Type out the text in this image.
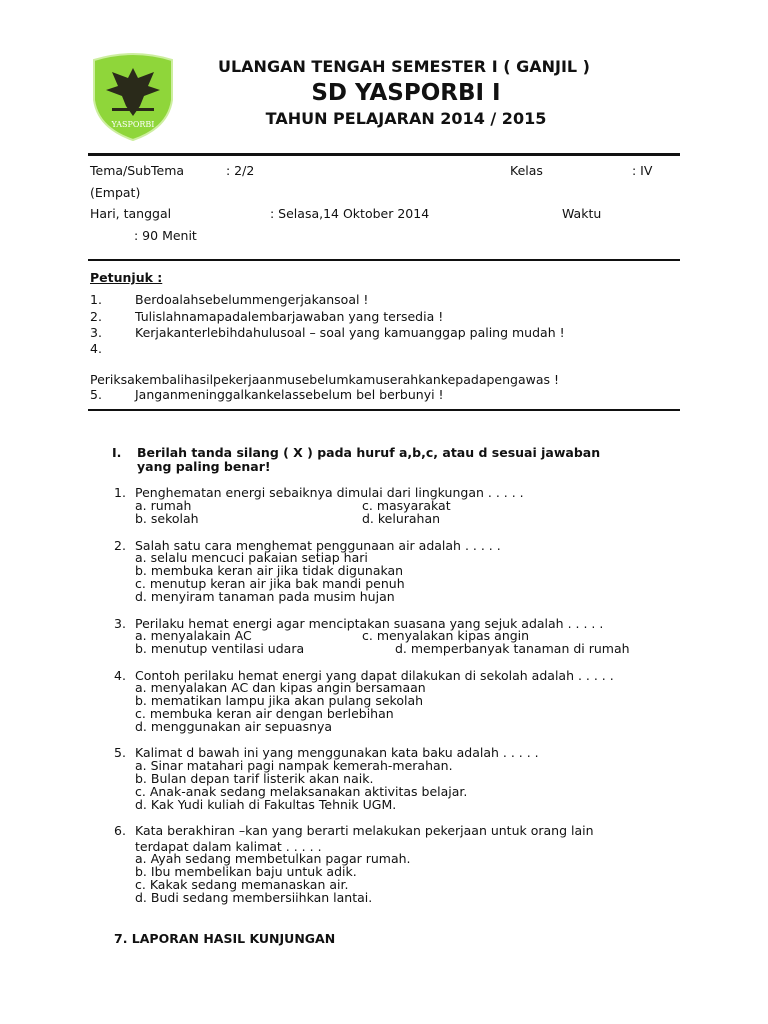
YASPORBI
ULANGAN TENGAH SEMESTER I ( GANJIL )
SD YASPORBI I
TAHUN PELAJARAN 2014 / 2015
Tema/SubTema	: 2/2	Kelas	: IV
(Empat)
Hari, tanggal	: Selasa,14 Oktober 2014	Waktu
: 90 Menit
Petunjuk :
1.	Berdoalahsebelummengerjakansoal !
2.	Tulislahnamapadalembarjawaban yang tersedia !
3.	Kerjakanterlebihdahulusoal – soal yang kamuanggap paling mudah !
4.
Periksakembalihasilpekerjaanmusebelumkamuserahkankepadapengawas !
5.	Janganmeninggalkankelassebelum bel berbunyi !
I. Berilah tanda silang ( X ) pada huruf a,b,c, atau d sesuai jawaban
yang paling benar!
1. Penghematan energi sebaiknya dimulai dari lingkungan . . . . .
a. rumah	c. masyarakat
b. sekolah	d. kelurahan
2. Salah satu cara menghemat penggunaan air adalah . . . . .
a. selalu mencuci pakaian setiap hari
b. membuka keran air jika tidak digunakan
c. menutup keran air jika bak mandi penuh
d. menyiram tanaman pada musim hujan
3. Perilaku hemat energi agar menciptakan suasana yang sejuk adalah . . . . .
a. menyalakain AC	c. menyalakan kipas angin
b. menutup ventilasi udara	d. memperbanyak tanaman di rumah
4. Contoh perilaku hemat energi yang dapat dilakukan di sekolah adalah . . . . .
a. menyalakan AC dan kipas angin bersamaan
b. mematikan lampu jika akan pulang sekolah
c. membuka keran air dengan berlebihan
d. menggunakan air sepuasnya
5. Kalimat d bawah ini yang menggunakan kata baku adalah . . . . .
a. Sinar matahari pagi nampak kemerah-merahan.
b. Bulan depan tarif listerik akan naik.
c. Anak-anak sedang melaksanakan aktivitas belajar.
d. Kak Yudi kuliah di Fakultas Tehnik UGM.
6. Kata berakhiran –kan yang berarti melakukan pekerjaan untuk orang lain
terdapat dalam kalimat . . . . .
a. Ayah sedang membetulkan pagar rumah.
b. Ibu membelikan baju untuk adik.
c. Kakak sedang memanaskan air.
d. Budi sedang membersiihkan lantai.
7. LAPORAN HASIL KUNJUNGAN
